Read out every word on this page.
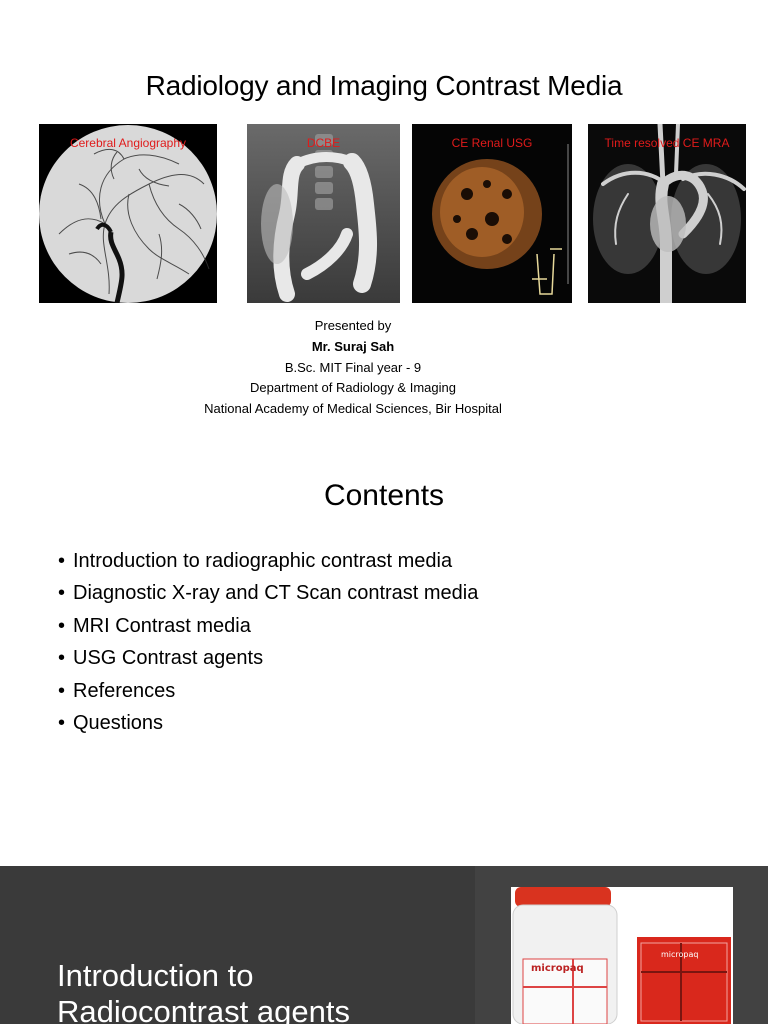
Radiology and Imaging Contrast Media
Cerebral Angiography	DCBE	CE Renal USG	Time resolved CE MRA
Presented by
Mr. Suraj Sah
B.Sc. MIT Final year - 9
Department of Radiology & Imaging
National Academy of Medical Sciences, Bir Hospital
Contents
• Introduction to radiographic contrast media
• Diagnostic X-ray and CT Scan contrast media
• MRI Contrast media
• USG Contrast agents
• References
• Questions
Introduction to
Radiocontrast agents
micropaq
micropaq
